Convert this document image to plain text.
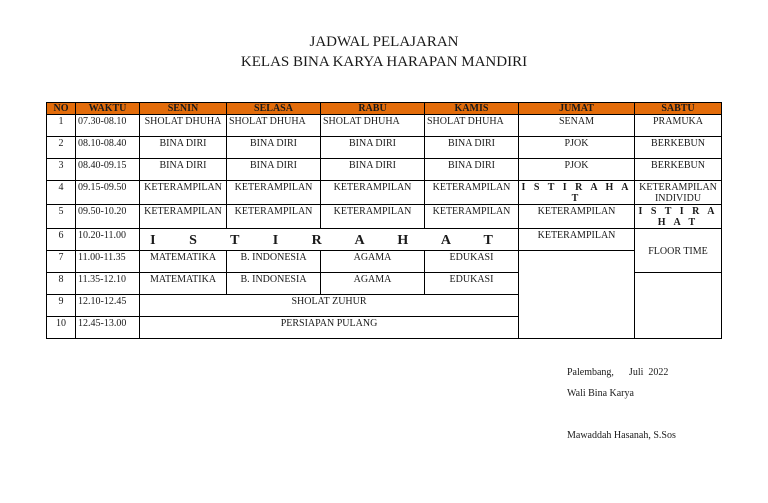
JADWAL PELAJARAN
KELAS BINA KARYA HARAPAN MANDIRI
NO	WAKTU	SENIN	SELASA	RABU	KAMIS	JUMAT	SABTU
1	07.30-08.10	SHOLAT DHUHA	SHOLAT DHUHA	SHOLAT DHUHA	SHOLAT DHUHA	SENAM	PRAMUKA
2	08.10-08.40	BINA DIRI	BINA DIRI	BINA DIRI	BINA DIRI	PJOK	BERKEBUN
3	08.40-09.15	BINA DIRI	BINA DIRI	BINA DIRI	BINA DIRI	PJOK	BERKEBUN
4	09.15-09.50	KETERAMPILAN	KETERAMPILAN	KETERAMPILAN	KETERAMPILAN	I S T I R A H A T	KETERAMPILAN INDIVIDU
5	09.50-10.20	KETERAMPILAN	KETERAMPILAN	KETERAMPILAN	KETERAMPILAN	KETERAMPILAN	I S T I R A H A T
6	10.20-11.00	I S T I R A H A T				KETERAMPILAN	FLOOR TIME
7	11.00-11.35	MATEMATIKA	B. INDONESIA	AGAMA	EDUKASI		
8	11.35-12.10	MATEMATIKA	B. INDONESIA	AGAMA	EDUKASI		
9	12.10-12.45	SHOLAT ZUHUR					
10	12.45-13.00	PERSIAPAN PULANG					
Palembang,      Juli  2022
Wali Bina Karya
Mawaddah Hasanah, S.Sos
